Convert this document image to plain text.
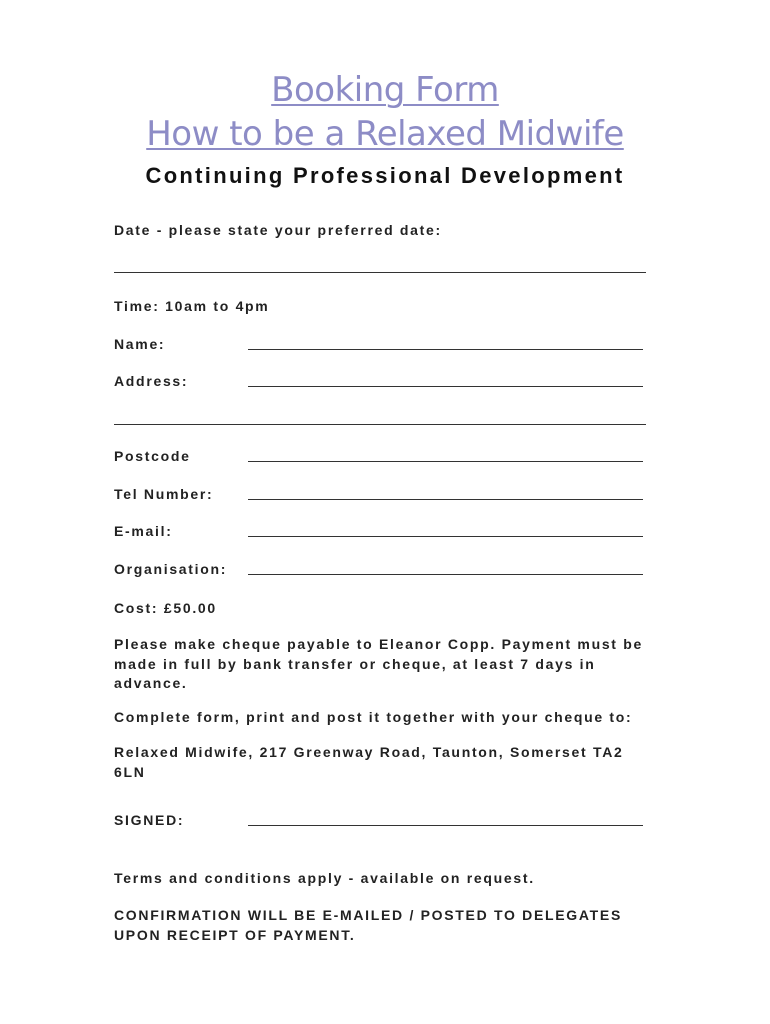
Booking Form
How to be a Relaxed Midwife
Continuing Professional Development
Date - please state your preferred date:
Time: 10am to 4pm
Name:
Address:
Postcode
Tel Number:
E-mail:
Organisation:
Cost: £50.00
Please make cheque payable to Eleanor Copp. Payment must be made in full by bank transfer or cheque, at least 7 days in advance.
Complete form, print and post it together with your cheque to:
Relaxed Midwife, 217 Greenway Road, Taunton, Somerset TA2 6LN
SIGNED:
Terms and conditions apply - available on request.
CONFIRMATION WILL BE E-MAILED / POSTED TO DELEGATES UPON RECEIPT OF PAYMENT.
